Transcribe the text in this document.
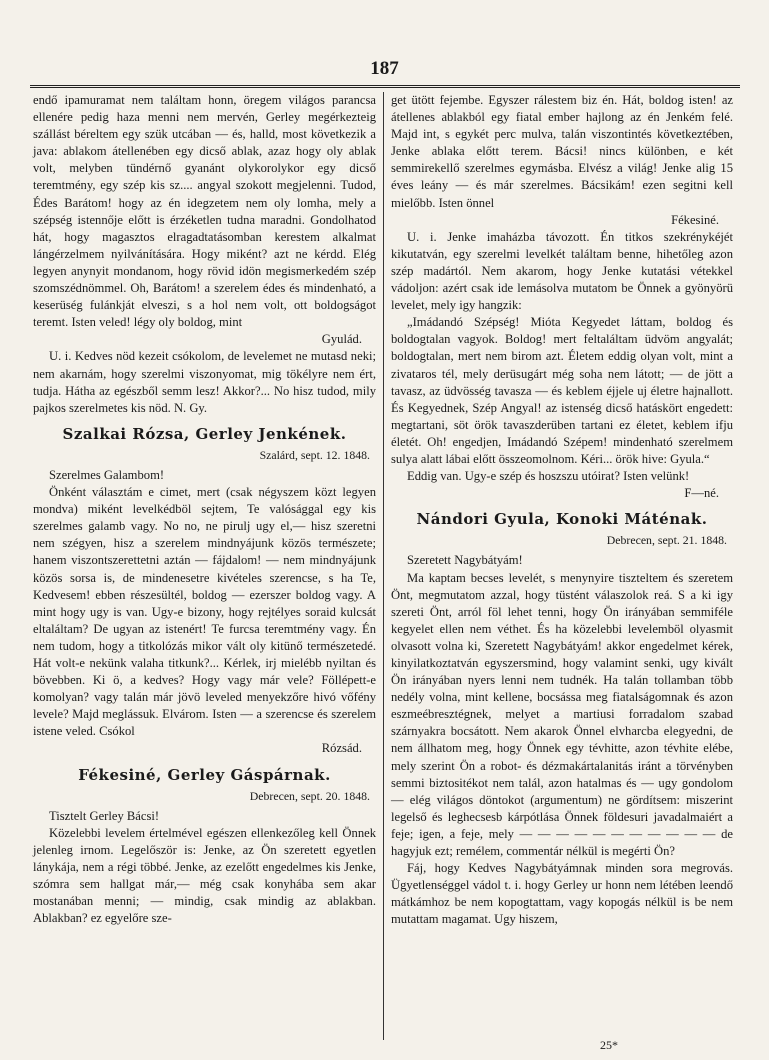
187

endő ipamuramat nem találtam honn, öregem világos parancsa ellenére pedig haza menni nem mervén, Gerley megérkezteig szállást béreltem egy szük utcában — és, halld, most következik a java: ablakom átellenében egy dicső ablak, azaz hogy oly ablak volt, melyben tündérnő gyanánt olykorolykor egy dicső teremtmény, egy szép kis sz.... angyal szokott megjelenni. Tudod, Édes Barátom! hogy az én idegzetem nem oly lomha, mely a szépség istennője előtt is érzéketlen tudna maradni. Gondolhatod hát, hogy magasztos elragadtatásomban kerestem alkalmat lángérzelmem nyilvánítására. Hogy miként? azt ne kérdd. Elég legyen anynyit mondanom, hogy rövid idön megismerkedém szép szomszédnömmel. Oh, Barátom! a szerelem édes és mindenható, a keserüség fulánkját elveszi, s a hol nem volt, ott boldogságot teremt. Isten veled! légy oly boldog, mint

Gyulád.

U. i. Kedves nöd kezeit csókolom, de levelemet ne mutasd neki; nem akarnám, hogy szerelmi viszonyomat, mig tökélyre nem ért, tudja. Hátha az egészből semm lesz! Akkor?... No hisz tudod, mily pajkos szerelmetes kis nöd. N. Gy.

Szalkai Rózsa, Gerley Jenkének.

Szalárd, sept. 12. 1848.

Szerelmes Galambom!

Önként választám e cimet, mert (csak négyszem közt legyen mondva) miként levelkédböl sejtem, Te valósággal egy kis szerelmes galamb vagy. No no, ne pirulj ugy el,— hisz szeretni nem szégyen, hisz a szerelem mindnyájunk közös természete; hanem viszontszerettetni aztán — fájdalom! — nem mindnyájunk közös sorsa is, de mindenesetre kivételes szerencse, s ha Te, Kedvesem! ebben részesültél, boldog — ezerszer boldog vagy. A mint hogy ugy is van. Ugy-e bizony, hogy rejtélyes soraid kulcsát eltaláltam? De ugyan az istenért! Te furcsa teremtmény vagy. Én nem tudom, hogy a titkolózás mikor vált oly kitünő természetedé. Hát volt-e nekünk valaha titkunk?... Kérlek, irj mielébb nyiltan és bövebben. Ki ö, a kedves? Hogy vagy már vele? Föllépett-e komolyan? vagy talán már jövö leveled menyekzőre hivó vőfény levele? Majd meglássuk. Elvárom. Isten — a szerencse és szerelem istene veled. Csókol

Rózsád.

Fékesiné, Gerley Gáspárnak.

Debrecen, sept. 20. 1848.

Tisztelt Gerley Bácsi!

Közelebbi levelem értelmével egészen ellenkezőleg kell Önnek jelenleg irnom. Legelőször is: Jenke, az Ön szeretett egyetlen lánykája, nem a régi többé. Jenke, az ezelőtt engedelmes kis Jenke, szómra sem hallgat már,— még csak konyhába sem akar mostanában menni; — mindig, csak mindig az ablakban. Ablakban? ez egyelőre sze-

get ütött fejembe. Egyszer rálestem biz én. Hát, boldog isten! az átellenes ablakból egy fiatal ember hajlong az én Jenkém felé. Majd int, s egykét perc mulva, talán viszontintés következtében, Jenke ablaka előtt terem. Bácsi! nincs különben, e két semmirekellő szerelmes egymásba. Elvész a világ! Jenke alig 15 éves leány — és már szerelmes. Bácsikám! ezen segitni kell mielőbb. Isten önnel

Fékesiné.

U. i. Jenke imaházba távozott. Én titkos szekrénykéjét kikutatván, egy szerelmi levelkét találtam benne, hihetőleg azon szép madártól. Nem akarom, hogy Jenke kutatási vétekkel vádoljon: azért csak ide lemásolva mutatom be Önnek a gyönyörü levelet, mely igy hangzik:

„Imádandó Szépség! Mióta Kegyedet láttam, boldog és boldogtalan vagyok. Boldog! mert feltaláltam üdvöm angyalát; boldogtalan, mert nem birom azt. Életem eddig olyan volt, mint a zivataros tél, mely derüsugárt még soha nem látott; — de jött a tavasz, az üdvösség tavasza — és keblem éjjele uj életre hajnallott. És Kegyednek, Szép Angyal! az istenség dicső hatáskört engedett: megtartani, söt örök tavaszderüben tartani ez életet, keblem ifju életét. Oh! engedjen, Imádandó Szépem! mindenható szerelmem sulya alatt lábai előtt összeomolnom. Kéri... örök hive: Gyula.“

Eddig van. Ugy-e szép és hoszszu utóirat? Isten velünk!

F—né.

Nándori Gyula, Konoki Máténak.

Debrecen, sept. 21. 1848.

Szeretett Nagybátyám!

Ma kaptam becses levelét, s menynyire tiszteltem és szeretem Önt, megmutatom azzal, hogy tüstént válaszolok reá. S a ki igy szereti Önt, arról föl lehet tenni, hogy Ön irányában semmiféle kegyelet ellen nem véthet. És ha közelebbi levelemböl olyasmit olvasott volna ki, Szeretett Nagybátyám! akkor engedelmet kérek, kinyilatkoztatván egyszersmind, hogy valamint senki, ugy kivált Ön irányában nyers lenni nem tudnék. Ha talán tollamban több nedély volna, mint kellene, bocsássa meg fiatalságomnak és azon eszmeébresztégnek, melyet a martiusi forradalom szabad szárnyakra bocsátott. Nem akarok Önnel elvharcba elegyedni, de nem állhatom meg, hogy Önnek egy tévhitte, azon tévhite elébe, mely szerint Ön a robot- és dézmakártalanitás iránt a törvényben semmi biztositékot nem talál, azon hatalmas és — ugy gondolom — elég világos döntokot (argumentum) ne gördítsem: miszerint legelső és leghecsesb kárpótlása Önnek földesuri javadalmaiért a feje; igen, a feje, mely — — — — — — — — — — — de hagyjuk ezt; remélem, commentár nélkül is megérti Ön?

Fáj, hogy Kedves Nagybátyámnak minden sora megrovás. Ügyetlenséggel vádol t. i. hogy Gerley ur honn nem létében leendő mátkámhoz be nem kopogtattam, vagy kopogás nélkül is be nem mutattam magamat. Ugy hiszem,

25*
